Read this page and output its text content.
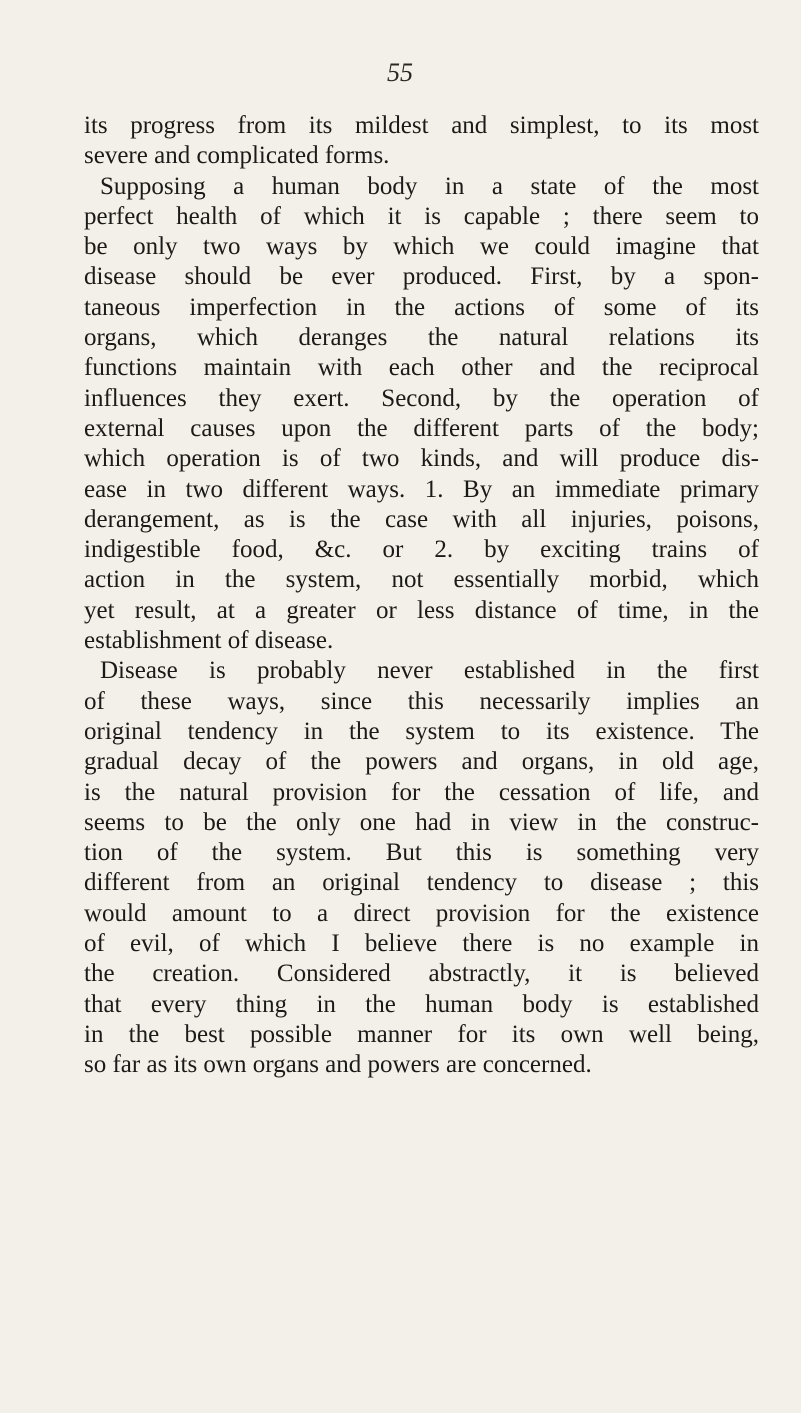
55
its progress from its mildest and simplest, to its most
severe and complicated forms.
Supposing a human body in a state of the most
perfect health of which it is capable ; there seem to
be only two ways by which we could imagine that
disease should be ever produced. First, by a spon-
taneous imperfection in the actions of some of its
organs, which deranges the natural relations its
functions maintain with each other and the reciprocal
influences they exert. Second, by the operation of
external causes upon the different parts of the body;
which operation is of two kinds, and will produce dis-
ease in two different ways. 1. By an immediate primary
derangement, as is the case with all injuries, poisons,
indigestible food, &c. or 2. by exciting trains of
action in the system, not essentially morbid, which
yet result, at a greater or less distance of time, in the
establishment of disease.
Disease is probably never established in the first
of these ways, since this necessarily implies an
original tendency in the system to its existence. The
gradual decay of the powers and organs, in old age,
is the natural provision for the cessation of life, and
seems to be the only one had in view in the construc-
tion of the system. But this is something very
different from an original tendency to disease ; this
would amount to a direct provision for the existence
of evil, of which I believe there is no example in
the creation. Considered abstractly, it is believed
that every thing in the human body is established
in the best possible manner for its own well being,
so far as its own organs and powers are concerned.
